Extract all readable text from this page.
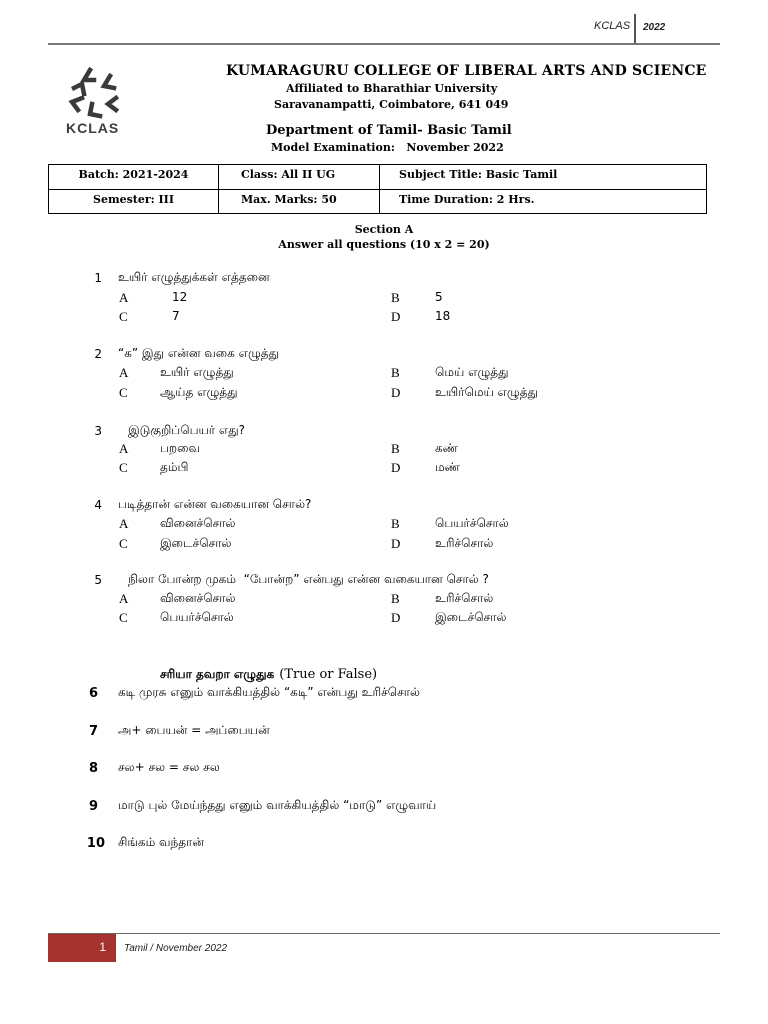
KCLAS 2022
KCLAS
KUMARAGURU COLLEGE OF LIBERAL ARTS AND SCIENCE
Affiliated to Bharathiar University
Saravanampatti, Coimbatore, 641 049
Department of Tamil- Basic Tamil
Model Examination:   November 2022
Batch: 2021-2024	Class: All II UG	Subject Title: Basic Tamil

Semester: III	Max. Marks: 50	Time Duration: 2 Hrs.
Section A
Answer all questions (10 x 2 = 20)
1 உயிர் எழுத்துக்கள் எத்தனை
A	12	B	5
C	7	D	18
2 “க” இது என்ன வகை எழுத்து
A	உயிர் எழுத்து	B	மெய் எழுத்து
C	ஆய்த எழுத்து	D	உயிர்மெய் எழுத்து
3 இடுகுறிப்பெயர் எது?
A	பறவை	B	கண்
C	தம்பி	D	மண்
4 படித்தான் என்ன வகையான சொல்?
A	வினைச்சொல்	B	பெயர்ச்சொல்
C	இடைச்சொல்	D	உரிச்சொல்
5 நிலா போன்ற முகம்  “போன்ற” என்பது என்ன வகையான சொல் ?
A	வினைச்சொல்	B	உரிச்சொல்
C	பெயர்ச்சொல்	D	இடைச்சொல்
சரியா தவறா எழுதுக (True or False)
6 கடி முரசு எனும் வாக்கியத்தில் “கடி” என்பது உரிச்சொல்
7 அ+ பையன் = அப்பையன்
8 சல+ சல = சல சல
9 மாடு புல் மேய்ந்தது எனும் வாக்கியத்தில் “மாடு” எழுவாய்
10 சிங்கம் வந்தான்
1 Tamil / November 2022
